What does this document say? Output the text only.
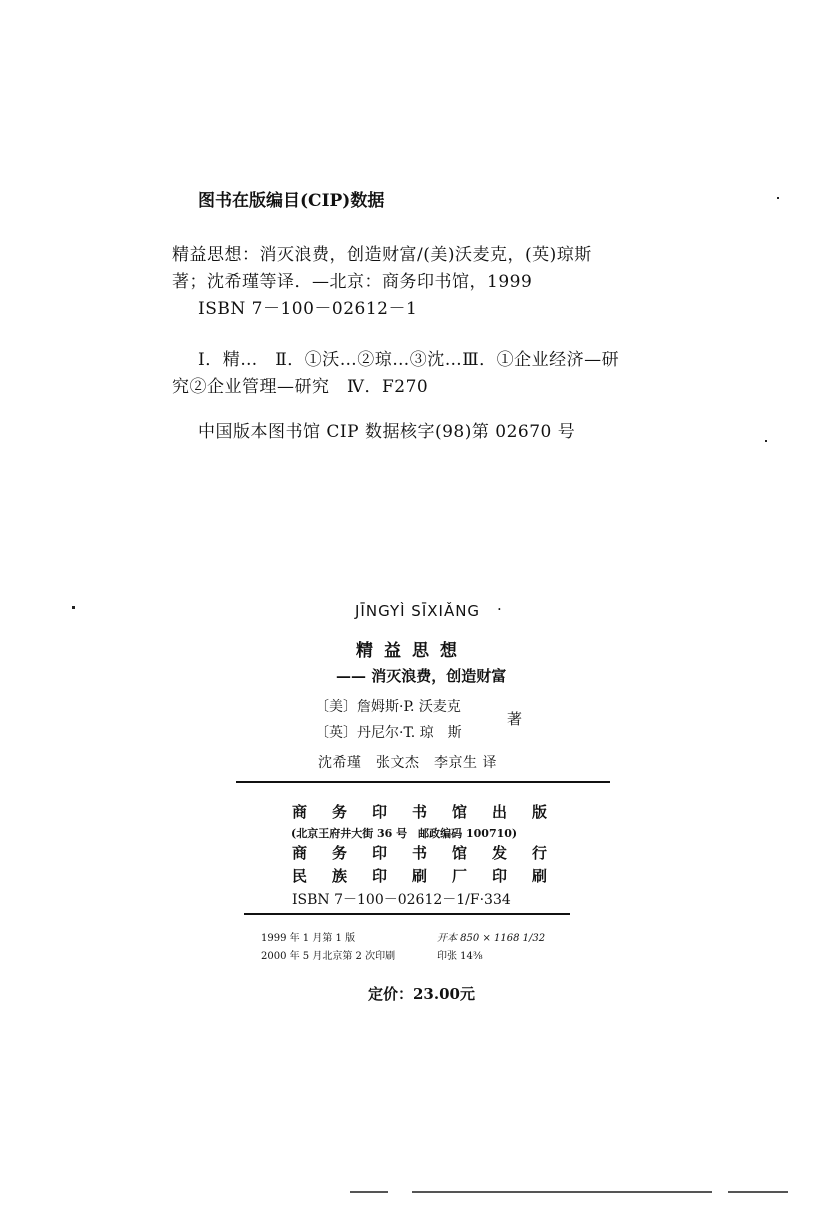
图书在版编目(CIP)数据
精益思想：消灭浪费，创造财富/(美)沃麦克，(英)琼斯
著；沈希瑾等译．—北京：商务印书馆，1999
ISBN 7－100－02612－1
Ⅰ．精…　Ⅱ．①沃…②琼…③沈…Ⅲ．①企业经济—研
究②企业管理—研究　Ⅳ．F270
中国版本图书馆 CIP 数据核字(98)第 02670 号
JĪNGYÌ SĪXIǍNG ·
精益思想
—— 消灭浪费，创造财富
〔美〕詹姆斯·P. 沃麦克
〔英〕丹尼尔·T. 琼　斯
著
沈希瑾　张文杰　李京生 译
商 务 印 书 馆 出 版
(北京王府井大街 36 号　邮政编码 100710)
商 务 印 书 馆 发 行
民 族 印 刷 厂 印 刷
ISBN 7－100－02612－1/F·334
1999 年 1 月第 1 版
2000 年 5 月北京第 2 次印刷
开本 850 × 1168 1/32
印张 14⅜
定价：23.00元
